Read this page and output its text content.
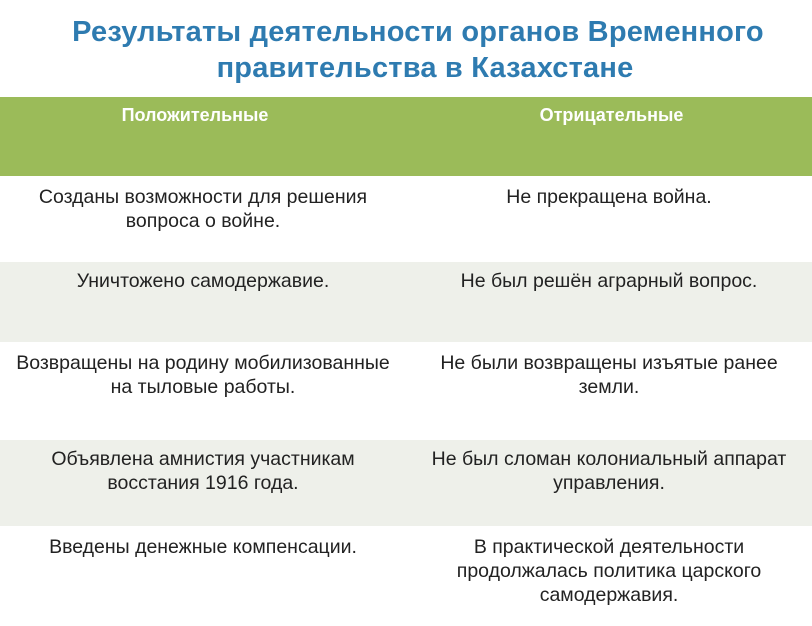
Результаты деятельности органов Временного
правительства в Казахстане
Положительные	Отрицательные
Созданы возможности для решения вопроса о войне.	Не прекращена война.
Уничтожено самодержавие.	Не был решён аграрный вопрос.
Возвращены на родину мобилизованные на тыловые работы.	Не были возвращены изъятые ранее земли.
Объявлена амнистия участникам восстания 1916 года.	Не был сломан колониальный аппарат управления.
Введены денежные компенсации.	В практической деятельности продолжалась политика царского самодержавия.
